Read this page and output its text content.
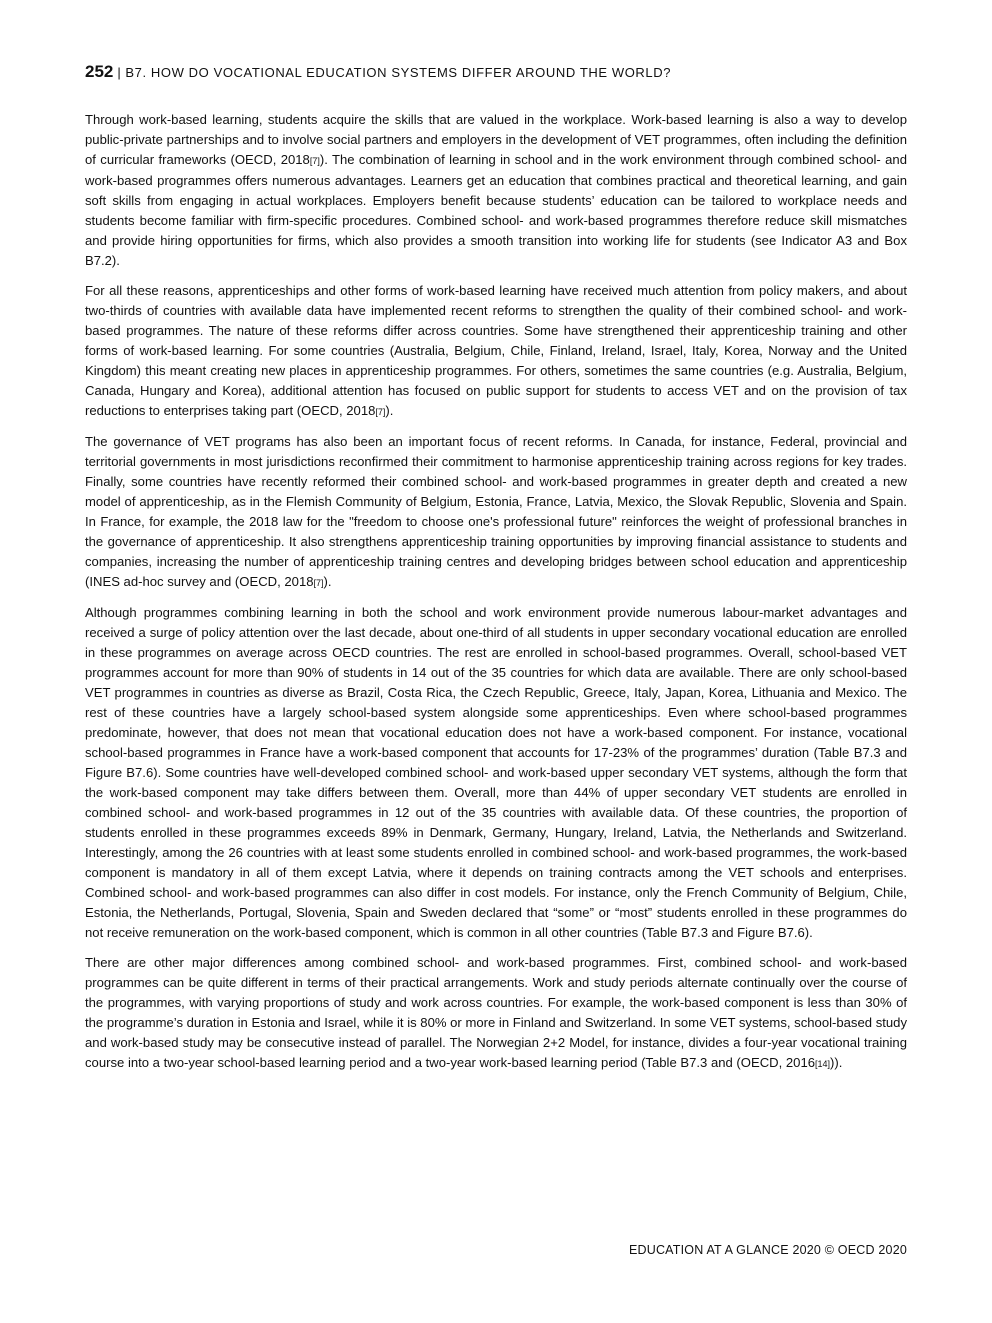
252 | B7. HOW DO VOCATIONAL EDUCATION SYSTEMS DIFFER AROUND THE WORLD?

Through work-based learning, students acquire the skills that are valued in the workplace. Work-based learning is also a way to develop public-private partnerships and to involve social partners and employers in the development of VET programmes, often including the definition of curricular frameworks (OECD, 2018[7]). The combination of learning in school and in the work environment through combined school- and work-based programmes offers numerous advantages. Learners get an education that combines practical and theoretical learning, and gain soft skills from engaging in actual workplaces. Employers benefit because students’ education can be tailored to workplace needs and students become familiar with firm-specific procedures. Combined school- and work-based programmes therefore reduce skill mismatches and provide hiring opportunities for firms, which also provides a smooth transition into working life for students (see Indicator A3 and Box B7.2).

For all these reasons, apprenticeships and other forms of work-based learning have received much attention from policy makers, and about two-thirds of countries with available data have implemented recent reforms to strengthen the quality of their combined school- and work-based programmes. The nature of these reforms differ across countries. Some have strengthened their apprenticeship training and other forms of work-based learning. For some countries (Australia, Belgium, Chile, Finland, Ireland, Israel, Italy, Korea, Norway and the United Kingdom) this meant creating new places in apprenticeship programmes. For others, sometimes the same countries (e.g. Australia, Belgium, Canada, Hungary and Korea), additional attention has focused on public support for students to access VET and on the provision of tax reductions to enterprises taking part (OECD, 2018[7]).

The governance of VET programs has also been an important focus of recent reforms. In Canada, for instance, Federal, provincial and territorial governments in most jurisdictions reconfirmed their commitment to harmonise apprenticeship training across regions for key trades. Finally, some countries have recently reformed their combined school- and work-based programmes in greater depth and created a new model of apprenticeship, as in the Flemish Community of Belgium, Estonia, France, Latvia, Mexico, the Slovak Republic, Slovenia and Spain. In France, for example, the 2018 law for the "freedom to choose one's professional future" reinforces the weight of professional branches in the governance of apprenticeship. It also strengthens apprenticeship training opportunities by improving financial assistance to students and companies, increasing the number of apprenticeship training centres and developing bridges between school education and apprenticeship (INES ad-hoc survey and (OECD, 2018[7]).

Although programmes combining learning in both the school and work environment provide numerous labour-market advantages and received a surge of policy attention over the last decade, about one-third of all students in upper secondary vocational education are enrolled in these programmes on average across OECD countries. The rest are enrolled in school-based programmes. Overall, school-based VET programmes account for more than 90% of students in 14 out of the 35 countries for which data are available. There are only school-based VET programmes in countries as diverse as Brazil, Costa Rica, the Czech Republic, Greece, Italy, Japan, Korea, Lithuania and Mexico. The rest of these countries have a largely school-based system alongside some apprenticeships. Even where school-based programmes predominate, however, that does not mean that vocational education does not have a work-based component. For instance, vocational school-based programmes in France have a work-based component that accounts for 17-23% of the programmes’ duration (Table B7.3 and Figure B7.6). Some countries have well-developed combined school- and work-based upper secondary VET systems, although the form that the work-based component may take differs between them. Overall, more than 44% of upper secondary VET students are enrolled in combined school- and work-based programmes in 12 out of the 35 countries with available data. Of these countries, the proportion of students enrolled in these programmes exceeds 89% in Denmark, Germany, Hungary, Ireland, Latvia, the Netherlands and Switzerland. Interestingly, among the 26 countries with at least some students enrolled in combined school- and work-based programmes, the work-based component is mandatory in all of them except Latvia, where it depends on training contracts among the VET schools and enterprises. Combined school- and work-based programmes can also differ in cost models. For instance, only the French Community of Belgium, Chile, Estonia, the Netherlands, Portugal, Slovenia, Spain and Sweden declared that “some” or “most” students enrolled in these programmes do not receive remuneration on the work-based component, which is common in all other countries (Table B7.3 and Figure B7.6).

There are other major differences among combined school- and work-based programmes. First, combined school- and work-based programmes can be quite different in terms of their practical arrangements. Work and study periods alternate continually over the course of the programmes, with varying proportions of study and work across countries. For example, the work-based component is less than 30% of the programme’s duration in Estonia and Israel, while it is 80% or more in Finland and Switzerland. In some VET systems, school-based study and work-based study may be consecutive instead of parallel. The Norwegian 2+2 Model, for instance, divides a four-year vocational training course into a two-year school-based learning period and a two-year work-based learning period (Table B7.3 and (OECD, 2016[14])).

EDUCATION AT A GLANCE 2020 © OECD 2020
